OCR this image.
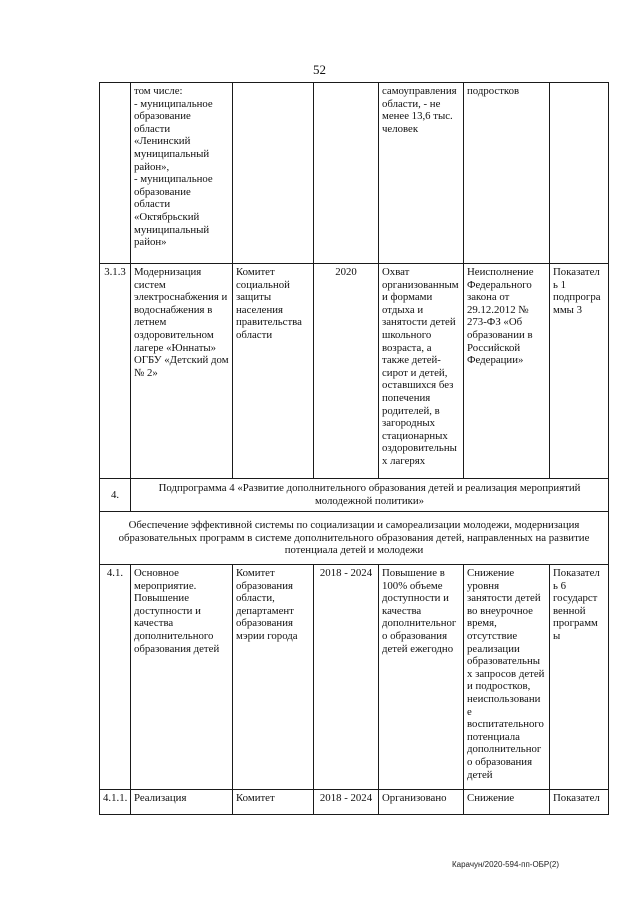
52

	том числе:
- муниципальное образование области «Ленинский муниципальный район»,
- муниципальное образование области «Октябрьский муниципальный район»			самоуправления области, - не менее 13,6 тыс. человек	подростков	

3.1.3	Модернизация систем электроснабжения и водоснабжения в летнем оздоровительном лагере «Юннаты» ОГБУ «Детский дом № 2»	Комитет социальной защиты населения правительства области	2020	Охват организованным и формами отдыха и занятости детей школьного возраста, а также детей-сирот и детей, оставшихся без попечения родителей, в загородных стационарных оздоровительны х лагерях	Неисполнение Федерального закона от 29.12.2012 № 273-ФЗ «Об образовании в Российской Федерации»	Показател ь 1 подпрогра ммы 3

4.	Подпрограмма 4 «Развитие дополнительного образования детей и реализация мероприятий молодежной политики»					

Обеспечение эффективной системы по социализации и самореализации молодежи, модернизация образовательных программ в системе дополнительного образования детей, направленных на развитие потенциала детей и молодежи						

4.1.	Основное мероприятие. Повышение доступности и качества дополнительного образования детей	Комитет образования области, департамент образования мэрии города	2018 - 2024	Повышение в 100% объеме доступности и качества дополнительног о образования детей ежегодно	Снижение уровня занятости детей во внеурочное время, отсутствие реализации образовательны х запросов детей и подростков, неиспользовани е воспитательного потенциала дополнительног о образования детей	Показател ь 6 государст венной программ ы

4.1.1.	Реализация	Комитет	2018 - 2024	Организовано	Снижение	Показател
Карачун/2020-594-пп-ОБР(2)
